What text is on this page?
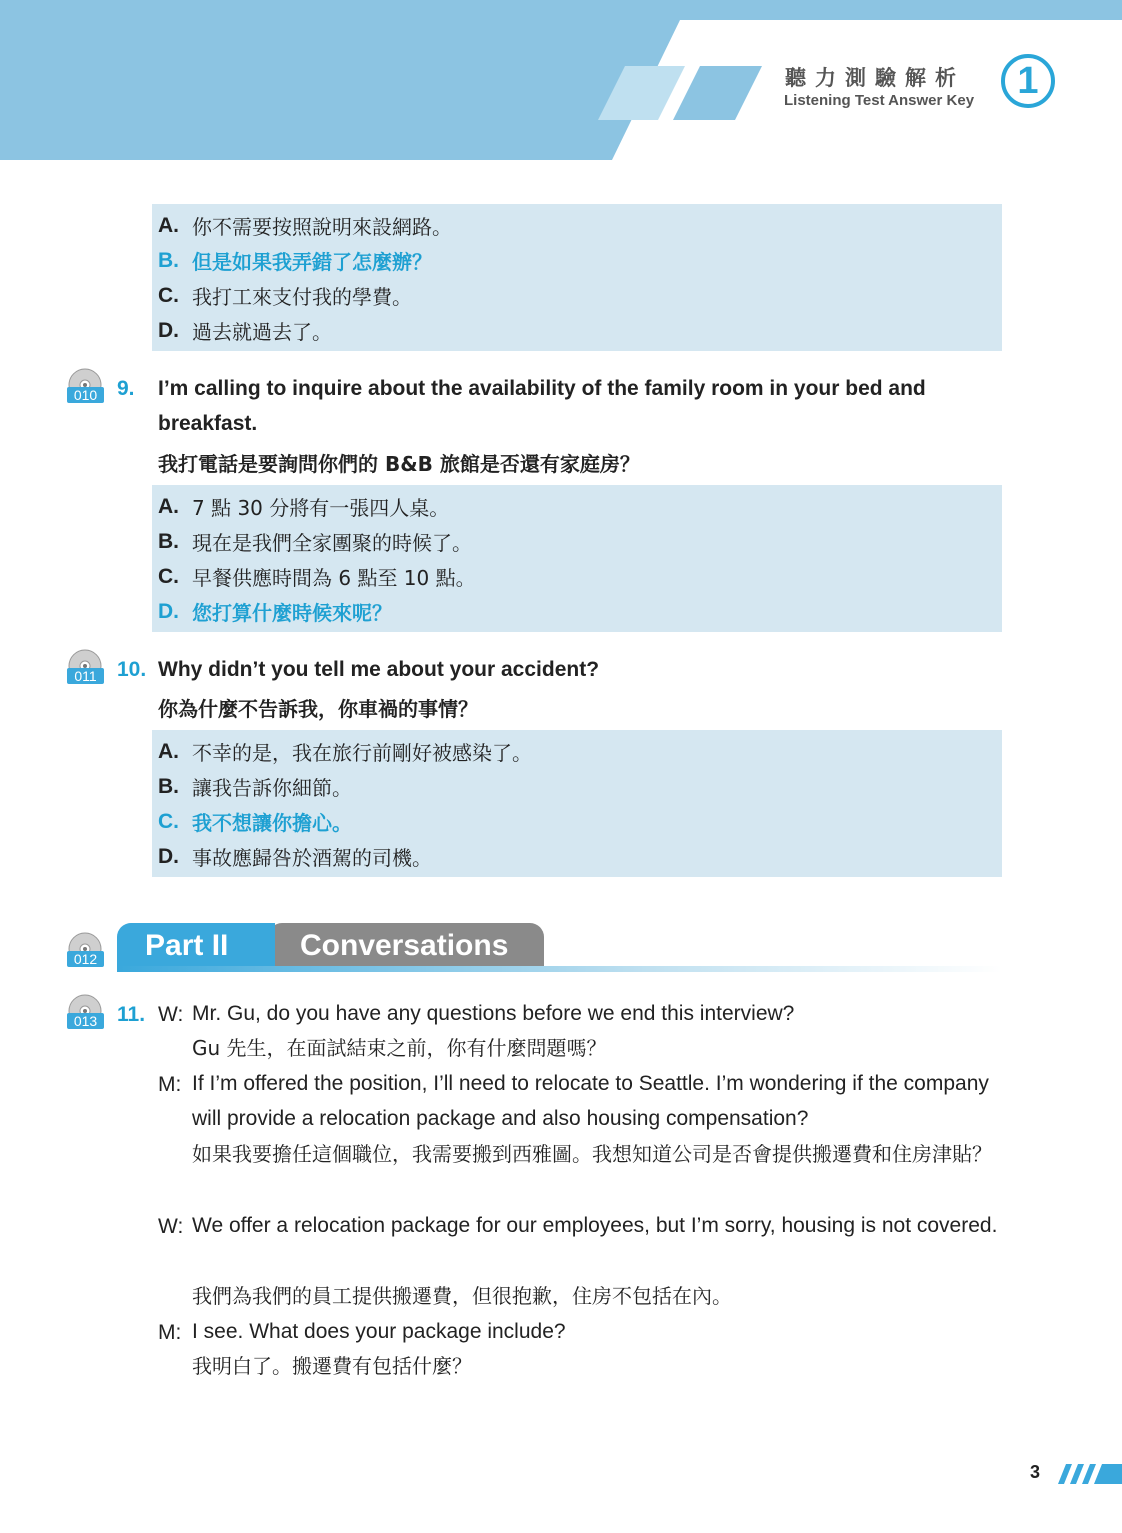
聽力測驗解析
Listening Test Answer Key	1
A. 你不需要按照說明來設網路。
B. 但是如果我弄錯了怎麼辦？
C. 我打工來支付我的學費。
D. 過去就過去了。
010 9. I’m calling to inquire about the availability of the family room in your bed and
breakfast.
我打電話是要詢問你們的 B&B 旅館是否還有家庭房？
A. 7 點 30 分將有一張四人桌。
B. 現在是我們全家團聚的時候了。
C. 早餐供應時間為 6 點至 10 點。
D. 您打算什麼時候來呢？
011 10. Why didn’t you tell me about your accident?
你為什麼不告訴我，你車禍的事情？
A. 不幸的是，我在旅行前剛好被感染了。
B. 讓我告訴你細節。
C. 我不想讓你擔心。
D. 事故應歸咎於酒駕的司機。
012	Conversations
Part II
013 11. W: Mr. Gu, do you have any questions before we end this interview?
Gu 先生，在面試結束之前，你有什麼問題嗎？
M: If I’m offered the position, I’ll need to relocate to Seattle. I’m wondering if the company will provide a relocation package and also housing compensation?
如果我要擔任這個職位，我需要搬到西雅圖。我想知道公司是否會提供搬遷費和住房津貼？
W: We offer a relocation package for our employees, but I’m sorry, housing is not covered.
我們為我們的員工提供搬遷費，但很抱歉，住房不包括在內。
M: I see. What does your package include?
我明白了。搬遷費有包括什麼？
3
